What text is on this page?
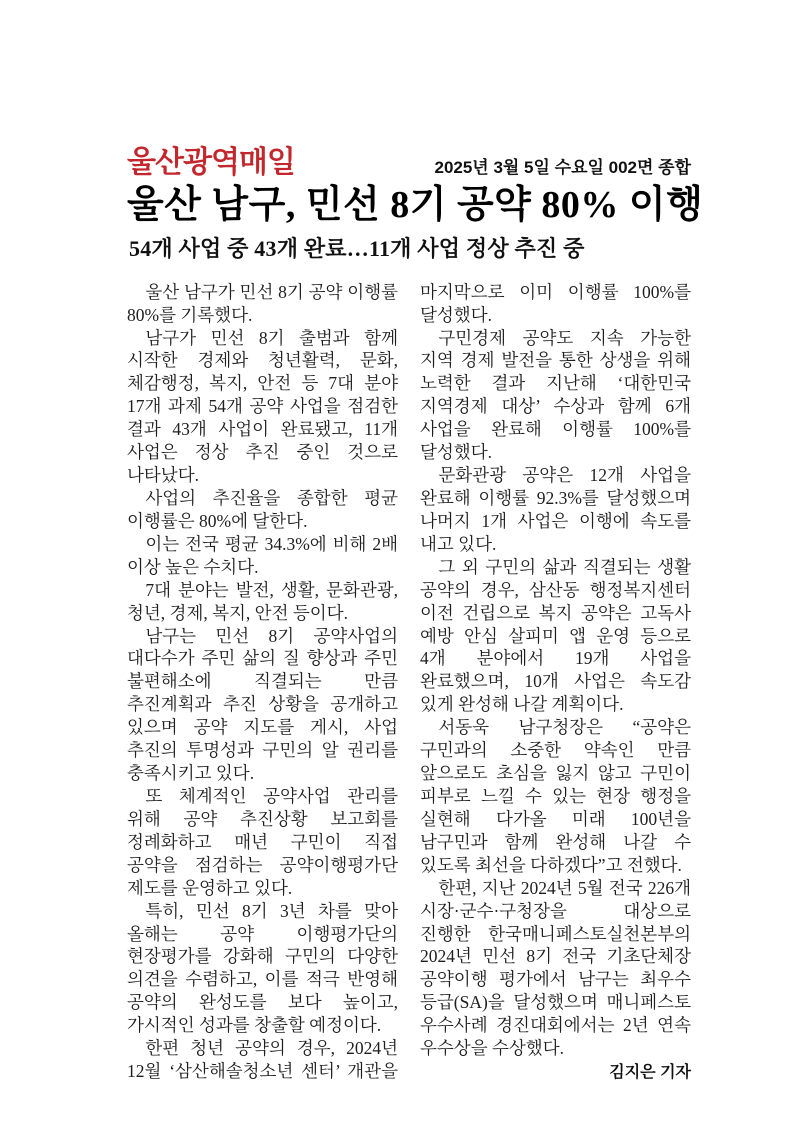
울산광역매일	2025년 3월 5일 수요일 002면 종합
울산 남구, 민선 8기 공약 80% 이행
54개 사업 중 43개 완료…11개 사업 정상 추진 중

울산 남구가 민선 8기 공약 이행률 80%를 기록했다.

남구가 민선 8기 출범과 함께 시작한 경제와 청년활력, 문화, 체감행정, 복지, 안전 등 7대 분야 17개 과제 54개 공약 사업을 점검한 결과 43개 사업이 완료됐고, 11개 사업은 정상 추진 중인 것으로 나타났다.

사업의 추진율을 종합한 평균 이행률은 80%에 달한다.

이는 전국 평균 34.3%에 비해 2배 이상 높은 수치다.

7대 분야는 발전, 생활, 문화관광, 청년, 경제, 복지, 안전 등이다.

남구는 민선 8기 공약사업의 대다수가 주민 삶의 질 향상과 주민 불편해소에 직결되는 만큼 추진계획과 추진 상황을 공개하고 있으며 공약 지도를 게시, 사업 추진의 투명성과 구민의 알 권리를 충족시키고 있다.

또 체계적인 공약사업 관리를 위해 공약 추진상황 보고회를 정례화하고 매년 구민이 직접 공약을 점검하는 공약이행평가단 제도를 운영하고 있다.

특히, 민선 8기 3년 차를 맞아 올해는 공약 이행평가단의 현장평가를 강화해 구민의 다양한 의견을 수렴하고, 이를 적극 반영해 공약의 완성도를 보다 높이고, 가시적인 성과를 창출할 예정이다.

한편 청년 공약의 경우, 2024년 12월 ‘삼산해솔청소년 센터’ 개관을 마지막으로 이미 이행률 100%를 달성했다.

구민경제 공약도 지속 가능한 지역 경제 발전을 통한 상생을 위해 노력한 결과 지난해 ‘대한민국 지역경제 대상’ 수상과 함께 6개 사업을 완료해 이행률 100%를 달성했다.

문화관광 공약은 12개 사업을 완료해 이행률 92.3%를 달성했으며 나머지 1개 사업은 이행에 속도를 내고 있다.

그 외 구민의 삶과 직결되는 생활 공약의 경우, 삼산동 행정복지센터 이전 건립으로 복지 공약은 고독사 예방 안심 살피미 앱 운영 등으로 4개 분야에서 19개 사업을 완료했으며, 10개 사업은 속도감 있게 완성해 나갈 계획이다.

서동욱 남구청장은 “공약은 구민과의 소중한 약속인 만큼 앞으로도 초심을 잃지 않고 구민이 피부로 느낄 수 있는 현장 행정을 실현해 다가올 미래 100년을 남구민과 함께 완성해 나갈 수 있도록 최선을 다하겠다”고 전했다.

한편, 지난 2024년 5월 전국 226개 시장·군수·구청장을 대상으로 진행한 한국매니페스토실천본부의 2024년 민선 8기 전국 기초단체장 공약이행 평가에서 남구는 최우수 등급(SA)을 달성했으며 매니페스토 우수사례 경진대회에서는 2년 연속 우수상을 수상했다.

김지은 기자
